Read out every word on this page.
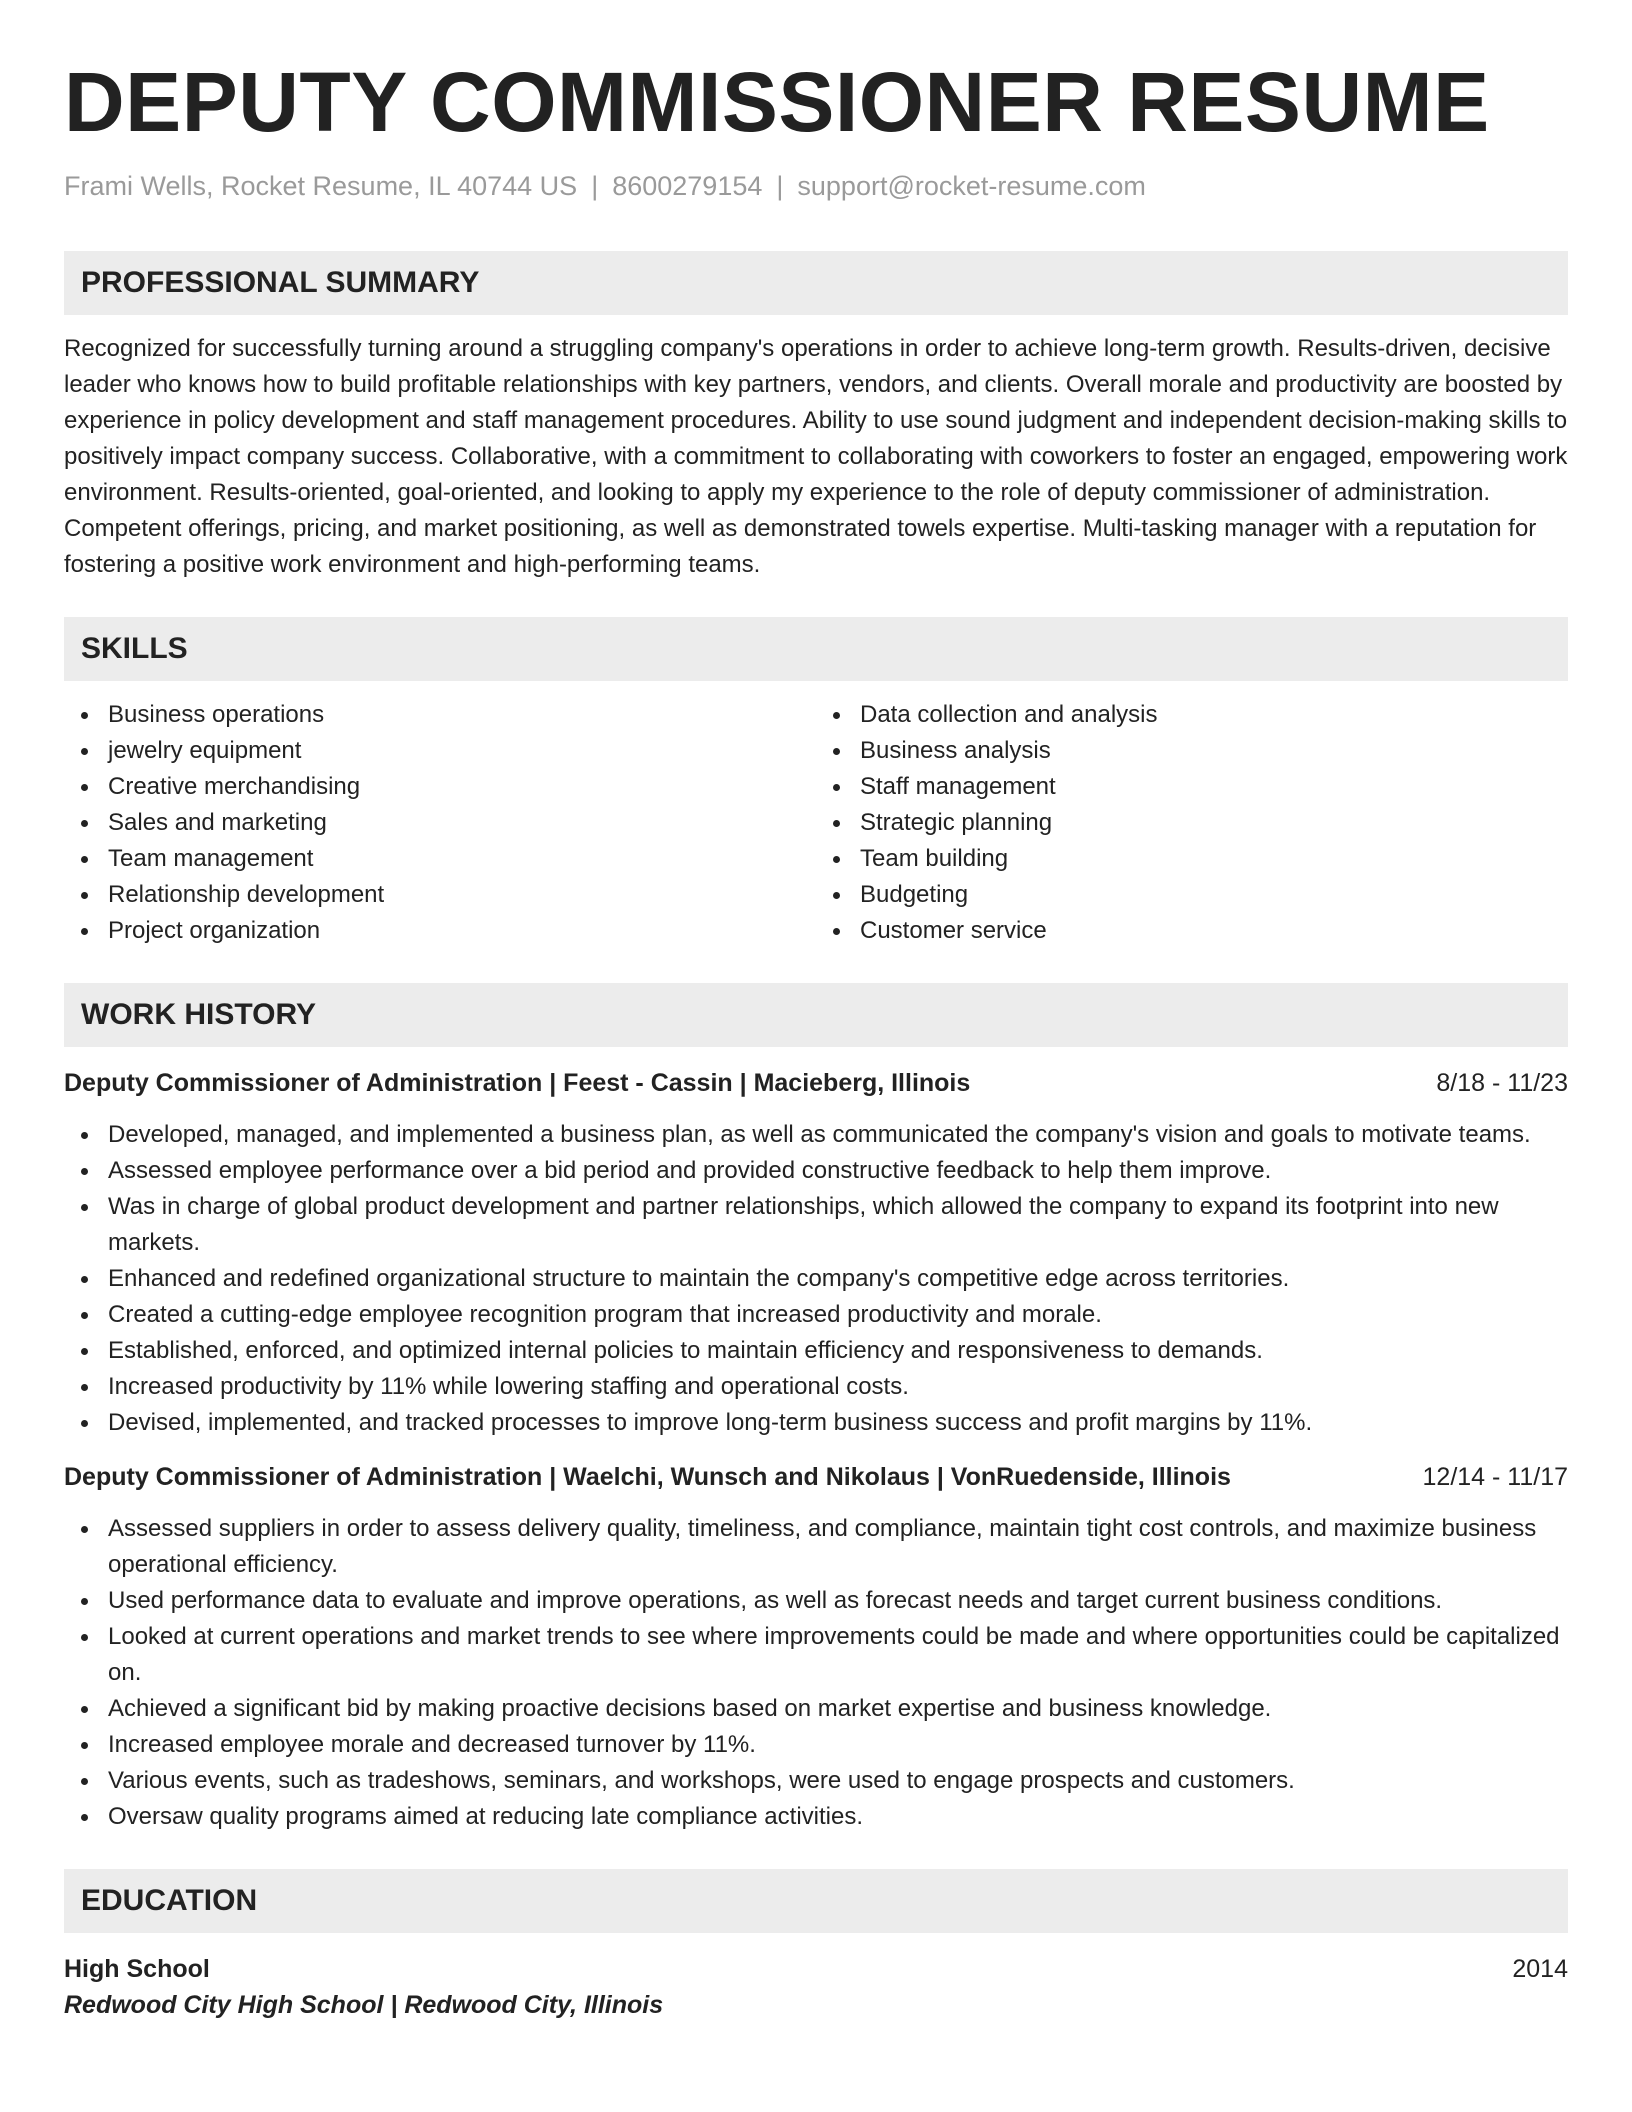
DEPUTY COMMISSIONER RESUME
Frami Wells, Rocket Resume, IL 40744 US | 8600279154 | support@rocket-resume.com
PROFESSIONAL SUMMARY

Recognized for successfully turning around a struggling company's operations in order to achieve long-term growth. Results-driven, decisive leader who knows how to build profitable relationships with key partners, vendors, and clients. Overall morale and productivity are boosted by experience in policy development and staff management procedures. Ability to use sound judgment and independent decision-making skills to positively impact company success. Collaborative, with a commitment to collaborating with coworkers to foster an engaged, empowering work environment. Results-oriented, goal-oriented, and looking to apply my experience to the role of deputy commissioner of administration. Competent offerings, pricing, and market positioning, as well as demonstrated towels expertise. Multi-tasking manager with a reputation for fostering a positive work environment and high-performing teams.

SKILLS
Business operations
jewelry equipment
Creative merchandising
Sales and marketing
Team management
Relationship development
Project organization
Data collection and analysis
Business analysis
Staff management
Strategic planning
Team building
Budgeting
Customer service
WORK HISTORY
Deputy Commissioner of Administration | Feest - Cassin | Macieberg, Illinois	8/18 - 11/23
Developed, managed, and implemented a business plan, as well as communicated the company's vision and goals to motivate teams.
Assessed employee performance over a bid period and provided constructive feedback to help them improve.
Was in charge of global product development and partner relationships, which allowed the company to expand its footprint into new markets.
Enhanced and redefined organizational structure to maintain the company's competitive edge across territories.
Created a cutting-edge employee recognition program that increased productivity and morale.
Established, enforced, and optimized internal policies to maintain efficiency and responsiveness to demands.
Increased productivity by 11% while lowering staffing and operational costs.
Devised, implemented, and tracked processes to improve long-term business success and profit margins by 11%.
Deputy Commissioner of Administration | Waelchi, Wunsch and Nikolaus | VonRuedenside, Illinois	12/14 - 11/17
Assessed suppliers in order to assess delivery quality, timeliness, and compliance, maintain tight cost controls, and maximize business operational efficiency.
Used performance data to evaluate and improve operations, as well as forecast needs and target current business conditions.
Looked at current operations and market trends to see where improvements could be made and where opportunities could be capitalized on.
Achieved a significant bid by making proactive decisions based on market expertise and business knowledge.
Increased employee morale and decreased turnover by 11%.
Various events, such as tradeshows, seminars, and workshops, were used to engage prospects and customers.
Oversaw quality programs aimed at reducing late compliance activities.
EDUCATION
High School	2014
Redwood City High School | Redwood City, Illinois
